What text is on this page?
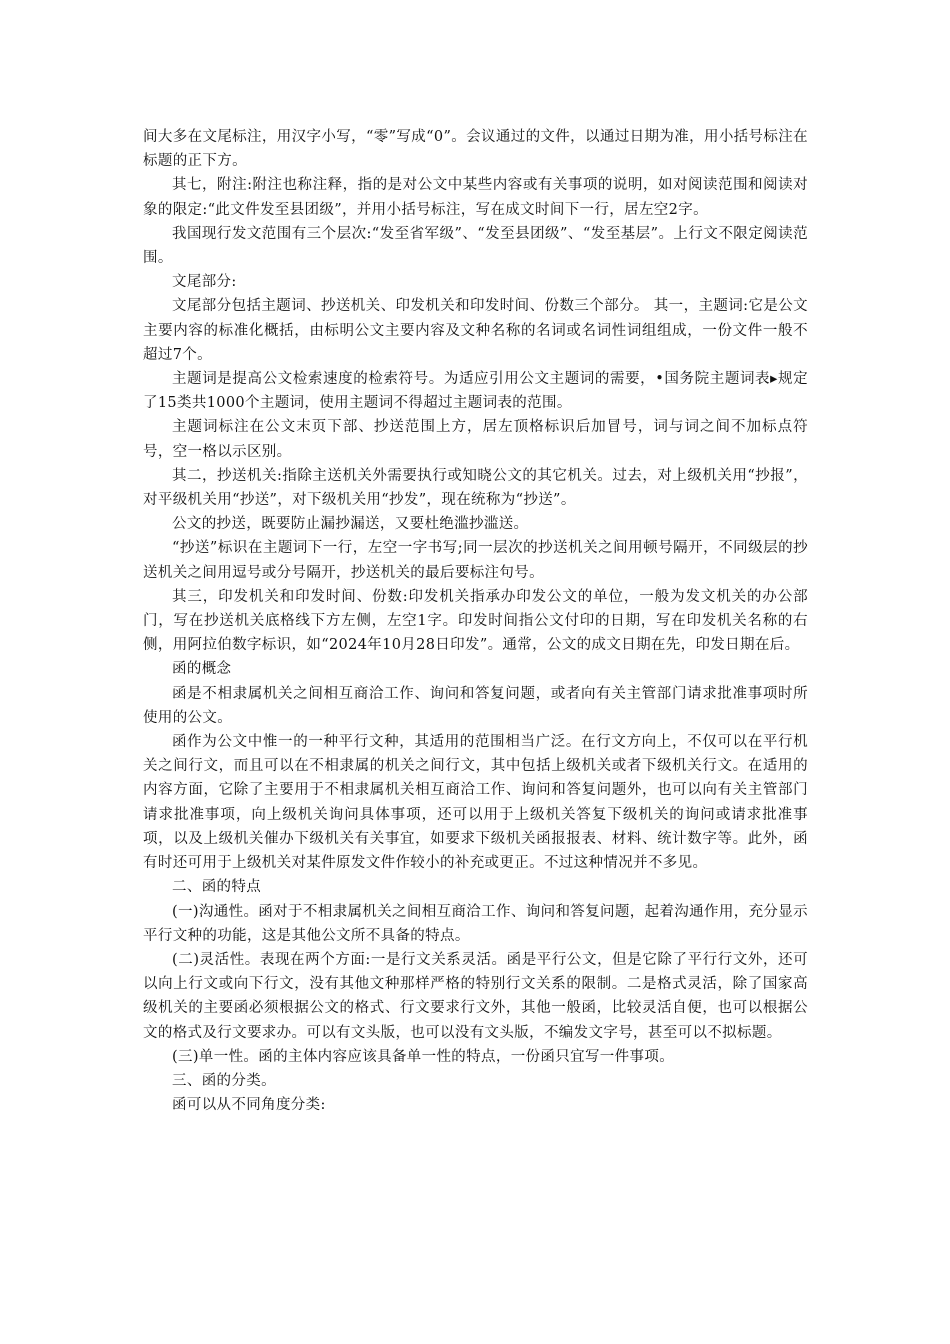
间大多在文尾标注，用汉字小写，“零”写成“0”。会议通过的文件，以通过日期为准，用小括号标注在标题的正下方。

其七，附注:附注也称注释，指的是对公文中某些内容或有关事项的说明，如对阅读范围和阅读对象的限定:“此文件发至县团级”，并用小括号标注，写在成文时间下一行，居左空2字。

我国现行发文范围有三个层次:“发至省军级”、“发至县团级”、“发至基层”。上行文不限定阅读范围。

文尾部分:

文尾部分包括主题词、抄送机关、印发机关和印发时间、份数三个部分。 其一，主题词:它是公文主要内容的标准化概括，由标明公文主要内容及文种名称的名词或名词性词组组成，一份文件一般不超过7个。

主题词是提高公文检索速度的检索符号。为适应引用公文主题词的需要，•国务院主题词表▸规定了15类共1000个主题词，使用主题词不得超过主题词表的范围。

主题词标注在公文末页下部、抄送范围上方，居左顶格标识后加冒号，词与词之间不加标点符号，空一格以示区别。

其二，抄送机关:指除主送机关外需要执行或知晓公文的其它机关。过去，对上级机关用“抄报”，对平级机关用“抄送”，对下级机关用“抄发”，现在统称为“抄送”。

公文的抄送，既要防止漏抄漏送，又要杜绝滥抄滥送。

“抄送”标识在主题词下一行，左空一字书写;同一层次的抄送机关之间用顿号隔开，不同级层的抄送机关之间用逗号或分号隔开，抄送机关的最后要标注句号。

其三，印发机关和印发时间、份数:印发机关指承办印发公文的单位，一般为发文机关的办公部门，写在抄送机关底格线下方左侧，左空1字。印发时间指公文付印的日期，写在印发机关名称的右侧，用阿拉伯数字标识，如“2024年10月28日印发”。通常，公文的成文日期在先，印发日期在后。

函的概念

函是不相隶属机关之间相互商洽工作、询问和答复问题，或者向有关主管部门请求批准事项时所使用的公文。

函作为公文中惟一的一种平行文种，其适用的范围相当广泛。在行文方向上，不仅可以在平行机关之间行文，而且可以在不相隶属的机关之间行文，其中包括上级机关或者下级机关行文。在适用的内容方面，它除了主要用于不相隶属机关相互商洽工作、询问和答复问题外，也可以向有关主管部门请求批准事项，向上级机关询问具体事项，还可以用于上级机关答复下级机关的询问或请求批准事项，以及上级机关催办下级机关有关事宜，如要求下级机关函报报表、材料、统计数字等。此外，函有时还可用于上级机关对某件原发文件作较小的补充或更正。不过这种情况并不多见。

二、函的特点

(一)沟通性。函对于不相隶属机关之间相互商洽工作、询问和答复问题，起着沟通作用，充分显示平行文种的功能，这是其他公文所不具备的特点。

(二)灵活性。表现在两个方面:一是行文关系灵活。函是平行公文，但是它除了平行行文外，还可以向上行文或向下行文，没有其他文种那样严格的特别行文关系的限制。二是格式灵活，除了国家高级机关的主要函必须根据公文的格式、行文要求行文外，其他一般函，比较灵活自便，也可以根据公文的格式及行文要求办。可以有文头版，也可以没有文头版，不编发文字号，甚至可以不拟标题。

(三)单一性。函的主体内容应该具备单一性的特点，一份函只宜写一件事项。

三、函的分类。

函可以从不同角度分类:
